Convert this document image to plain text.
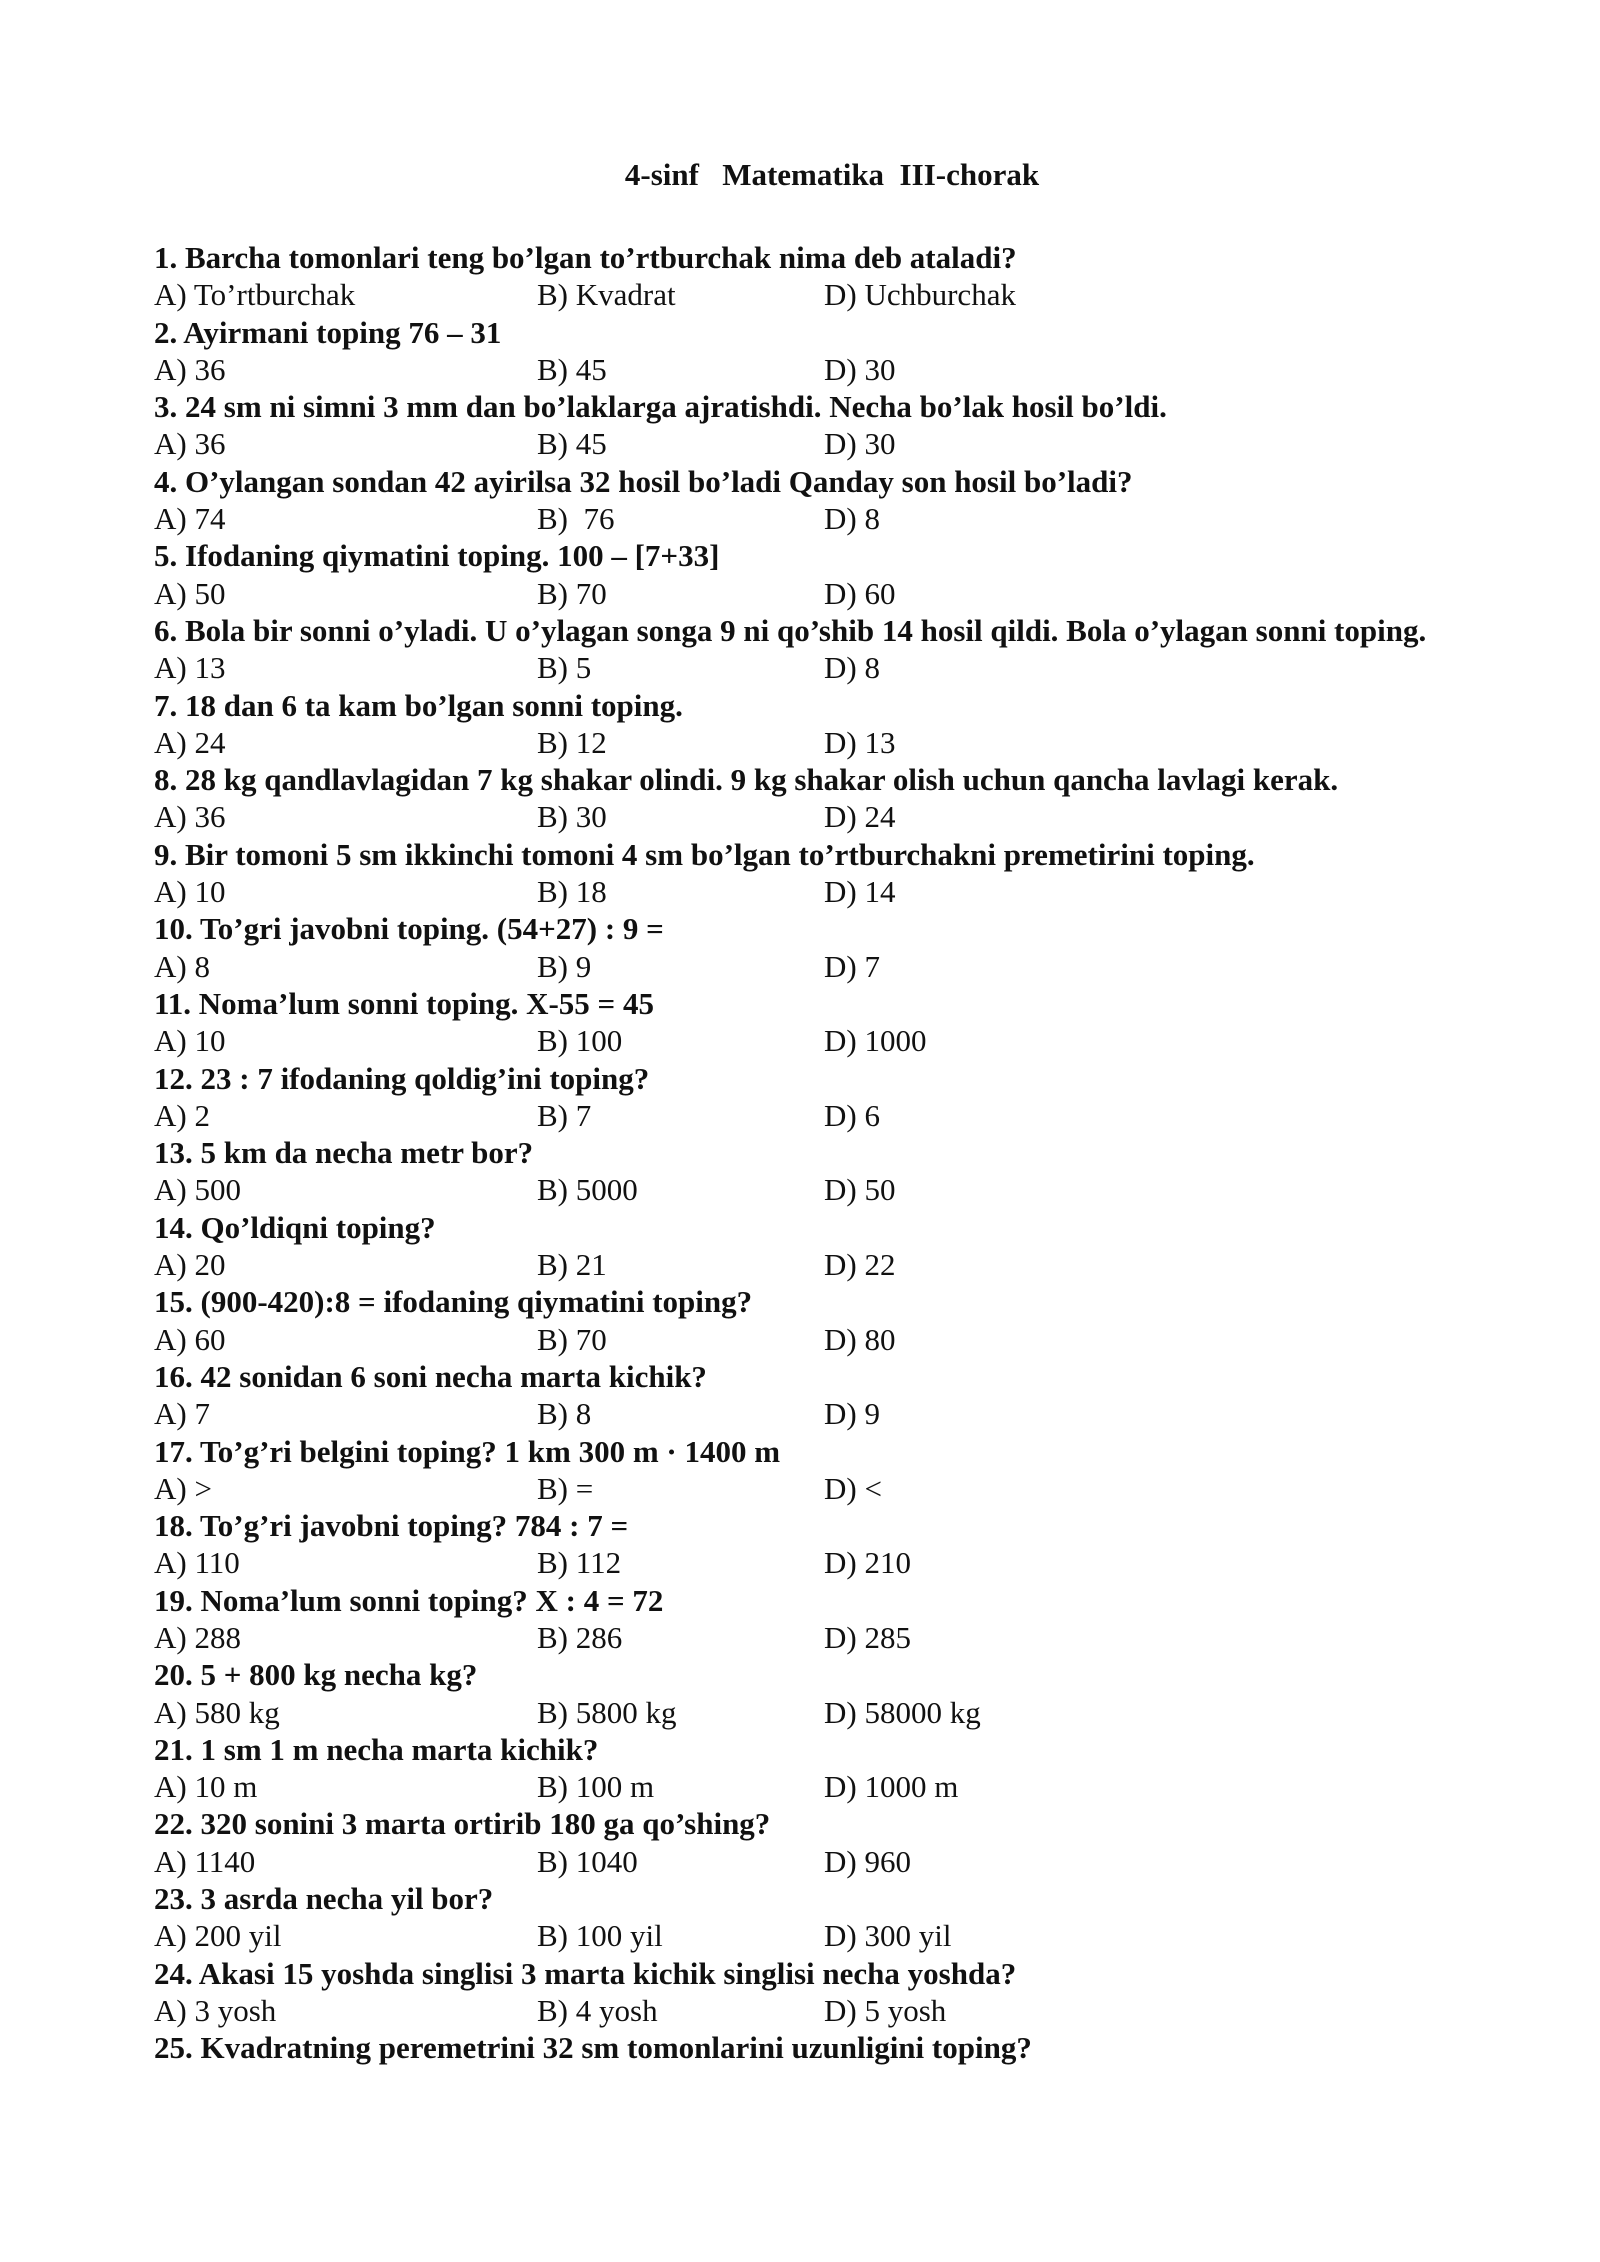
4-sinf   Matematika  III-chorak
1. Barcha tomonlari teng bo’lgan to’rtburchak nima deb ataladi?
A) To’rtburchak	B) Kvadrat	D) Uchburchak
2. Ayirmani toping 76 – 31
A) 36	B) 45	D) 30
3. 24 sm ni simni 3 mm dan bo’laklarga ajratishdi. Necha bo’lak hosil bo’ldi.
A) 36	B) 45	D) 30
4. O’ylangan sondan 42 ayirilsa 32 hosil bo’ladi Qanday son hosil bo’ladi?
A) 74	B)  76	D) 8
5. Ifodaning qiymatini toping. 100 – [7+33]
A) 50	B) 70	D) 60
6. Bola bir sonni o’yladi. U o’ylagan songa 9 ni qo’shib 14 hosil qildi. Bola o’ylagan sonni toping.
A) 13	B) 5	D) 8
7. 18 dan 6 ta kam bo’lgan sonni toping.
A) 24	B) 12	D) 13
8. 28 kg qandlavlagidan 7 kg shakar olindi. 9 kg shakar olish uchun qancha lavlagi kerak.
A) 36	B) 30	D) 24
9. Bir tomoni 5 sm ikkinchi tomoni 4 sm bo’lgan to’rtburchakni premetirini toping.
A) 10	B) 18	D) 14
10. To’gri javobni toping. (54+27) : 9 =
A) 8	B) 9	D) 7
11. Noma’lum sonni toping. X-55 = 45
A) 10	B) 100	D) 1000
12. 23 : 7 ifodaning qoldig’ini toping?
A) 2	B) 7	D) 6
13. 5 km da necha metr bor?
A) 500	B) 5000	D) 50
14. Qo’ldiqni toping?
A) 20	B) 21	D) 22
15. (900-420):8 = ifodaning qiymatini toping?
A) 60	B) 70	D) 80
16. 42 sonidan 6 soni necha marta kichik?
A) 7	B) 8	D) 9
17. To’g’ri belgini toping? 1 km 300 m · 1400 m
A) >	B) =	D) <
18. To’g’ri javobni toping? 784 : 7 =
A) 110	B) 112	D) 210
19. Noma’lum sonni toping? X : 4 = 72
A) 288	B) 286	D) 285
20. 5 + 800 kg necha kg?
A) 580 kg	B) 5800 kg	D) 58000 kg
21. 1 sm 1 m necha marta kichik?
A) 10 m	B) 100 m	D) 1000 m
22. 320 sonini 3 marta ortirib 180 ga qo’shing?
A) 1140	B) 1040	D) 960
23. 3 asrda necha yil bor?
A) 200 yil	B) 100 yil	D) 300 yil
24. Akasi 15 yoshda singlisi 3 marta kichik singlisi necha yoshda?
A) 3 yosh	B) 4 yosh	D) 5 yosh
25. Kvadratning peremetrini 32 sm tomonlarini uzunligini toping?
